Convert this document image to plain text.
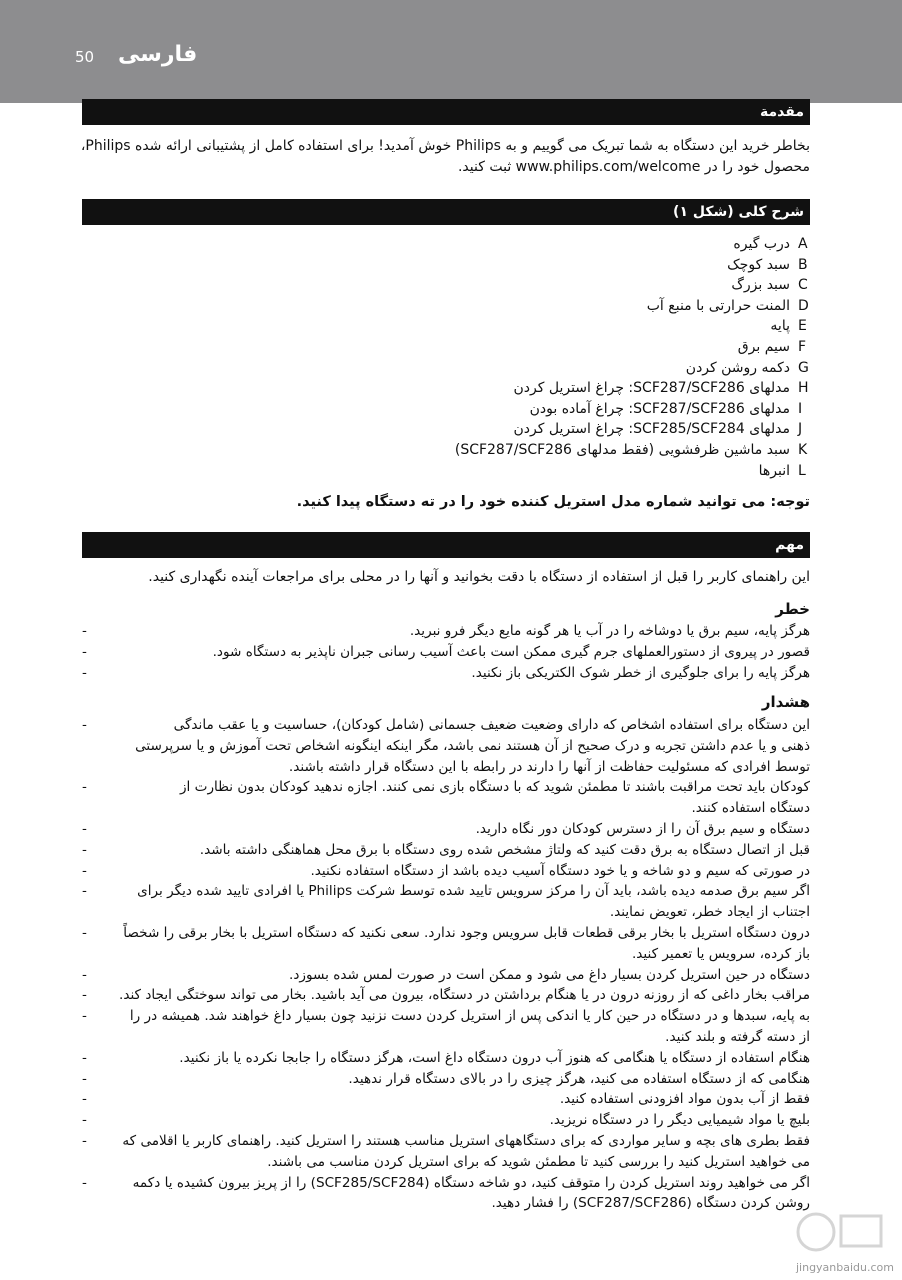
50 فارسی
مقدمة
بخاطر خرید این دستگاه به شما تبریک می گوییم و به Philips خوش آمدید! برای استفاده کامل از پشتیبانی ارائه شده Philips،
محصول خود را در www.philips.com/welcome ثبت کنید.
شرح کلی (شکل ۱)
A
درب گیره
B
سبد کوچک
C
سبد بزرگ
D
المنت حرارتی با منبع آب
E
پایه
F
سیم برق
G
دکمه روشن کردن
H
مدلهای SCF287/SCF286: چراغ استریل کردن
I
مدلهای SCF287/SCF286: چراغ آماده بودن
J
مدلهای SCF285/SCF284: چراغ استریل کردن
K
سبد ماشین ظرفشویی (فقط مدلهای SCF287/SCF286)
L
انبرها
توجه: می توانید شماره مدل استریل کننده خود را در ته دستگاه پیدا کنید.
مهم
این راهنمای کاربر را قبل از استفاده از دستگاه با دقت بخوانید و آنها را در محلی برای مراجعات آینده نگهداری کنید.
خطر
-	هرگز پایه، سیم برق یا دوشاخه را در آب یا هر گونه مایع دیگر فرو نبرید.
-	قصور در پیروی از دستورالعملهای جرم گیری ممکن است باعث آسیب رسانی جبران ناپذیر به دستگاه شود.
-	هرگز پایه را برای جلوگیری از خطر شوک الکتریکی باز نکنید.
هشدار
-	این دستگاه برای استفاده اشخاص که دارای وضعیت ضعیف جسمانی (شامل کودکان)، حساسیت و یا عقب ماندگی
ذهنی و یا عدم داشتن تجربه و درک صحیح از آن هستند نمی باشد، مگر اینکه اینگونه اشخاص تحت آموزش و یا سرپرستی
توسط افرادی که مسئولیت حفاظت از آنها را دارند در رابطه با این دستگاه قرار داشته باشند.
-	کودکان باید تحت مراقبت باشند تا مطمئن شوید که با دستگاه بازی نمی کنند. اجازه ندهید کودکان بدون نظارت از
دستگاه استفاده کنند.
-	دستگاه و سیم برق آن را از دسترس کودکان دور نگاه دارید.
-	قبل از اتصال دستگاه به برق دقت کنید که ولتاژ مشخص شده روی دستگاه با برق محل هماهنگی داشته باشد.
-	در صورتی که سیم و دو شاخه و یا خود دستگاه آسیب دیده باشد از دستگاه استفاده نکنید.
-	اگر سیم برق صدمه دیده باشد، باید آن را مرکز سرویس تایید شده توسط شرکت Philips یا افرادی تایید شده دیگر برای
اجتناب از ایجاد خطر، تعویض نمایند.
-	درون دستگاه استریل با بخار برقی قطعات قابل سرویس وجود ندارد. سعی نکنید که دستگاه استریل با بخار برقی را شخصاً
باز کرده، سرویس یا تعمیر کنید.
-	دستگاه در حین استریل کردن بسیار داغ می شود و ممکن است در صورت لمس شده بسوزد.
-	مراقب بخار داغی که از روزنه درون در یا هنگام برداشتن در دستگاه، بیرون می آید باشید. بخار می تواند سوختگی ایجاد کند.
-	به پایه، سبدها و در دستگاه در حین کار یا اندکی پس از استریل کردن دست نزنید چون بسیار داغ خواهند شد. همیشه در را
از دسته گرفته و بلند کنید.
-	هنگام استفاده از دستگاه یا هنگامی که هنوز آب درون دستگاه داغ است، هرگز دستگاه را جابجا نکرده یا باز نکنید.
-	هنگامی که از دستگاه استفاده می کنید، هرگز چیزی را در بالای دستگاه قرار ندهید.
-	فقط از آب بدون مواد افزودنی استفاده کنید.
-	بلیچ یا مواد شیمیایی دیگر را در دستگاه نریزید.
-	فقط بطری های بچه و سایر مواردی که برای دستگاههای استریل مناسب هستند را استریل کنید. راهنمای کاربر یا اقلامی که
می خواهید استریل کنید را بررسی کنید تا مطمئن شوید که برای استریل کردن مناسب می باشند.
-	اگر می خواهید روند استریل کردن را متوقف کنید، دو شاخه دستگاه (SCF285/SCF284) را از پریز بیرون کشیده یا دکمه
روشن کردن دستگاه (SCF287/SCF286) را فشار دهید.
jingyanbaidu.com
